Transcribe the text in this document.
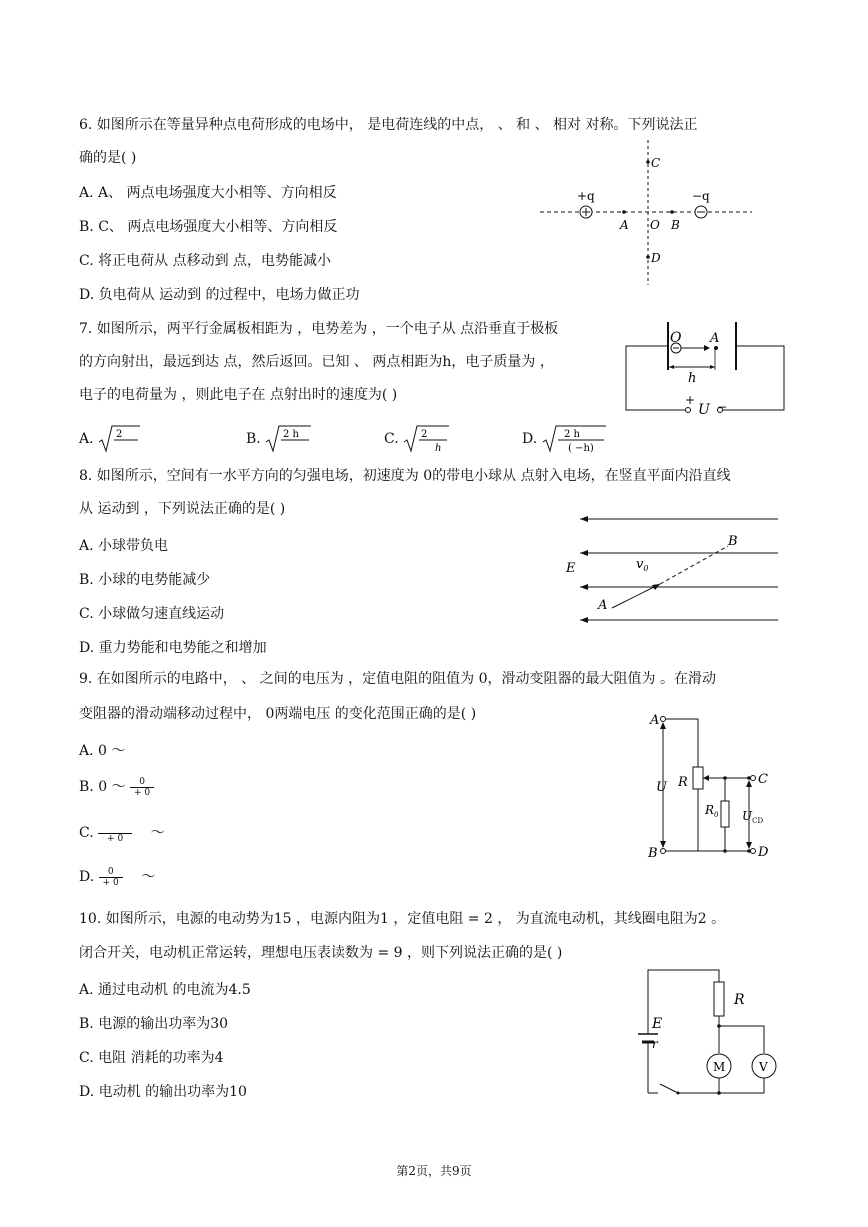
6. 如图所示在等量异种点电荷形成的电场中， 是电荷连线的中点， 、 和 、 相对 对称。下列说法正
确的是( )
A. A、 两点电场强度大小相等、方向相反
B. C、 两点电场强度大小相等、方向相反
C. 将正电荷从 点移动到 点，电势能减小
D. 负电荷从 运动到 的过程中，电场力做正功
+q	−q
A O B
C
D
7. 如图所示，两平行金属板相距为 ，电势差为 ，一个电子从 点沿垂直于极板
的方向射出，最远到达 点，然后返回。已知 、 两点相距为h，电子质量为 ，
电子的电荷量为 ，则此电子在 点射出时的速度为( )
A. 2	B. 2 h	C. 2
h
D.	2 h
( −h)
O A
h
+
U −
8. 如图所示，空间有一水平方向的匀强电场，初速度为 0的带电小球从 点射入电场，在竖直平面内沿直线
从 运动到 ，下列说法正确的是( )
A. 小球带负电
B. 小球的电势能减少
C. 小球做匀速直线运动
D. 重力势能和电势能之和增加
E	$v_0$
A
B
9. 在如图所示的电路中， 、 之间的电压为 ，定值电阻的阻值为 0，滑动变阻器的最大阻值为 。在滑动
变阻器的滑动端移动过程中， 0两端电压 的变化范围正确的是( )
A. 0 ～
B. 0 ～ $\frac{0}{+ 0}$
C.
	+ 0	～
D. $\frac{0}{+ 0}$ ～
A
B
C
D
U R
$R_0$ $U_{CD}$
10. 如图所示，电源的电动势为15 ，电源内阻为1 ，定值电阻 = 2 ， 为直流电动机，其线圈电阻为2 。
闭合开关，电动机正常运转，理想电压表读数为 = 9 ，则下列说法正确的是( )
A. 通过电动机 的电流为4.5
B. 电源的输出功率为30
C. 电阻 消耗的功率为4
D. 电动机 的输出功率为10
R
E
r
M	V
第2页，共9页
